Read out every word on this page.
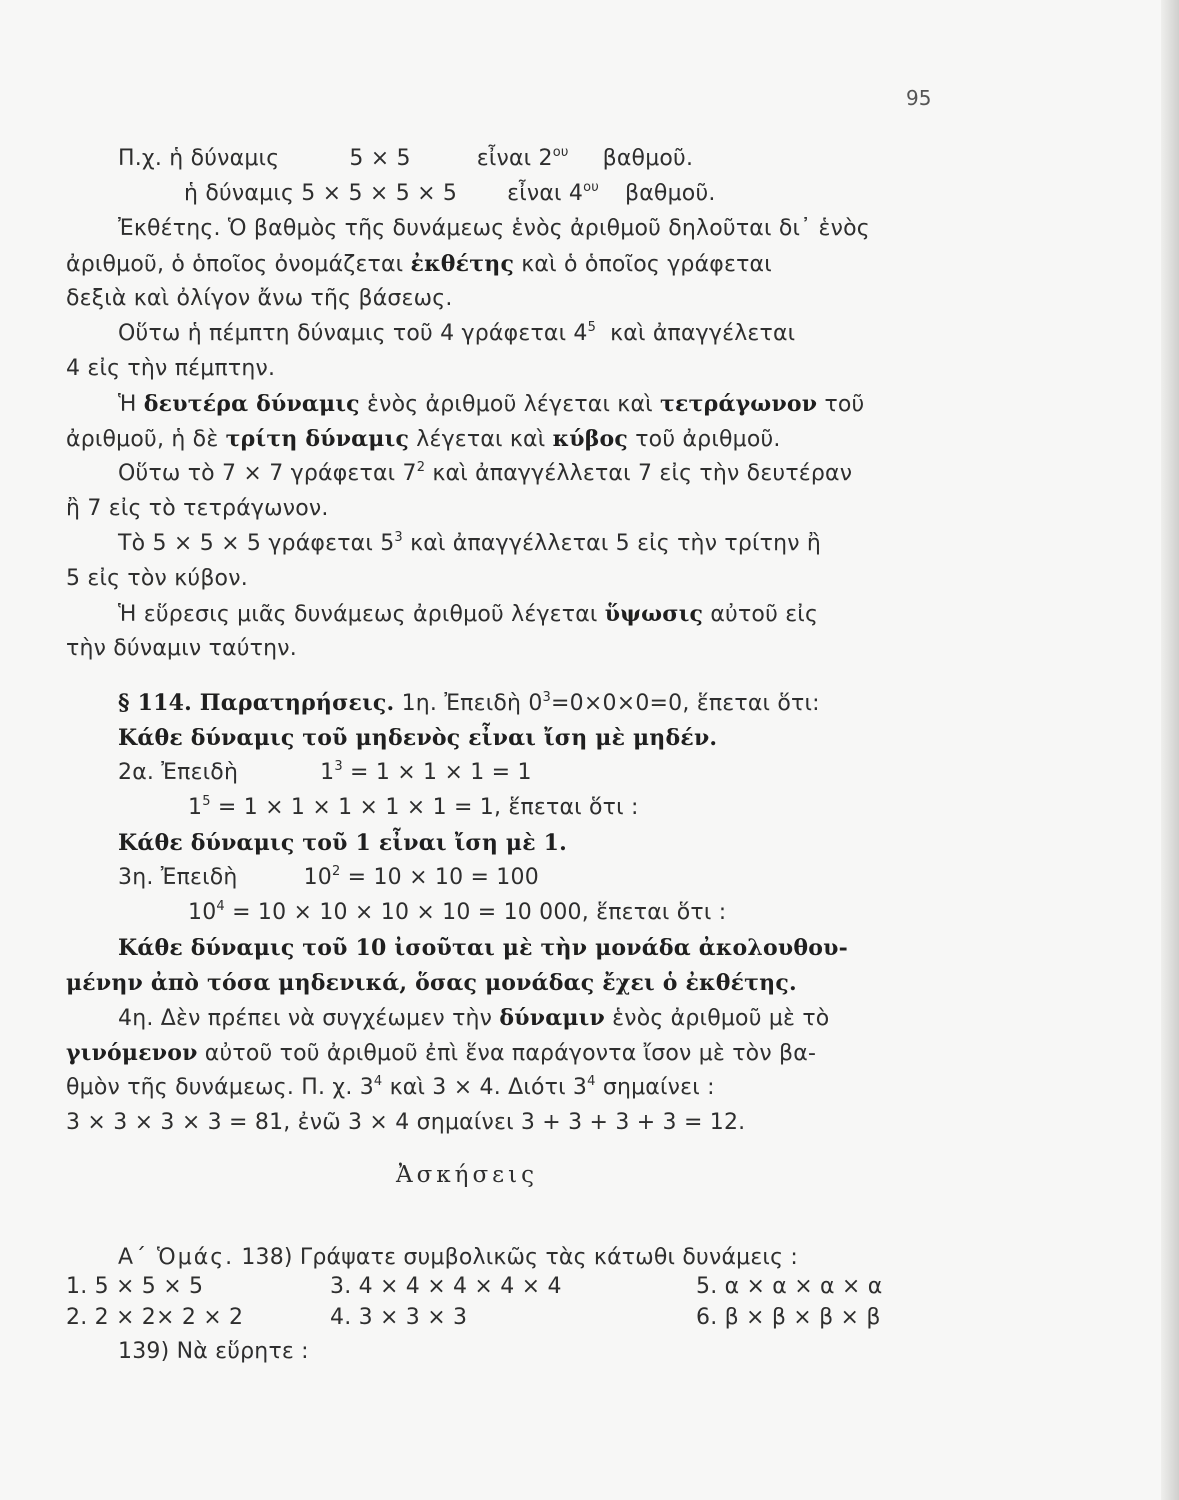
95
Π.χ. ἡ δύναμις	5 × 5	εἶναι $2^{o\upsilon}$ βαθμοῦ.
ἡ δύναμις 5 × 5 × 5 × 5 εἶναι $4^{o\upsilon}$ βαθμοῦ.
Ἐκθέτης. Ὁ βαθμὸς τῆς δυνάμεως ἑνὸς ἀριθμοῦ δηλοῦται δι᾽ ἑνὸς
ἀριθμοῦ, ὁ ὁποῖος ὀνομάζεται ἐκθέτης καὶ ὁ ὁποῖος γράφεται
δεξιὰ καὶ ὀλίγον ἄνω τῆς βάσεως.
Οὕτω ἡ πέμπτη δύναμις τοῦ 4 γράφεται $4^5$ καὶ ἀπαγγέλεται
4 εἰς τὴν πέμπτην.
Ἡ δευτέρα δύναμις ἑνὸς ἀριθμοῦ λέγεται καὶ τετράγωνον τοῦ
ἀριθμοῦ, ἡ δὲ τρίτη δύναμις λέγεται καὶ κύβος τοῦ ἀριθμοῦ.
Οὕτω τὸ 7 × 7 γράφεται $7^2$ καὶ ἀπαγγέλλεται 7 εἰς τὴν δευτέραν
ἢ 7 εἰς τὸ τετράγωνον.
Τὸ 5 × 5 × 5 γράφεται $5^3$ καὶ ἀπαγγέλλεται 5 εἰς τὴν τρίτην ἢ
5 εἰς τὸν κύβον.
Ἡ εὕρεσις μιᾶς δυνάμεως ἀριθμοῦ λέγεται ὕψωσις αὐτοῦ εἰς
τὴν δύναμιν ταύτην.
§ 114. Παρατηρήσεις. 1η. Ἐπειδὴ $0^3=0\times 0\times 0=0$, ἕπεται ὅτι:
Κάθε δύναμις τοῦ μηδενὸς εἶναι ἴση μὲ μηδέν.
2α. Ἐπειδὴ	$1^3 = 1 \times 1 \times 1 = 1$
$1^5 = 1 \times 1 \times 1 \times 1 \times 1 = 1$, ἕπεται ὅτι :
Κάθε δύναμις τοῦ 1 εἶναι ἴση μὲ 1.
3η. Ἐπειδὴ	$10^2 = 10 \times 10 = 100$
$10^4 = 10 \times 10 \times 10 \times 10 = 10$ 000, ἕπεται ὅτι :
Κάθε δύναμις τοῦ 10 ἰσοῦται μὲ τὴν μονάδα ἀκολουθου-
μένην ἀπὸ τόσα μηδενικά, ὅσας μονάδας ἔχει ὁ ἐκθέτης.
4η. Δὲν πρέπει νὰ συγχέωμεν τὴν δύναμιν ἑνὸς ἀριθμοῦ μὲ τὸ
γινόμενον αὐτοῦ τοῦ ἀριθμοῦ ἐπὶ ἕνα παράγοντα ἴσον μὲ τὸν βα-
θμὸν τῆς δυνάμεως. Π. χ. $3^4$ καὶ 3 × 4. Διότι $3^4$ σημαίνει :
3 × 3 × 3 × 3 = 81, ἐνῶ 3 × 4 σημαίνει 3 + 3 + 3 + 3 = 12.
Ἀσκήσεις
Α΄ Ὁμάς. 138) Γράψατε συμβολικῶς τὰς κάτωθι δυνάμεις :
1. 5 × 5 × 5	3. 4 × 4 × 4 × 4 × 4	5. α × α × α × α
2. 2 × 2× 2 × 2	4. 3 × 3 × 3	6. β × β × β × β
139) Νὰ εὕρητε :
